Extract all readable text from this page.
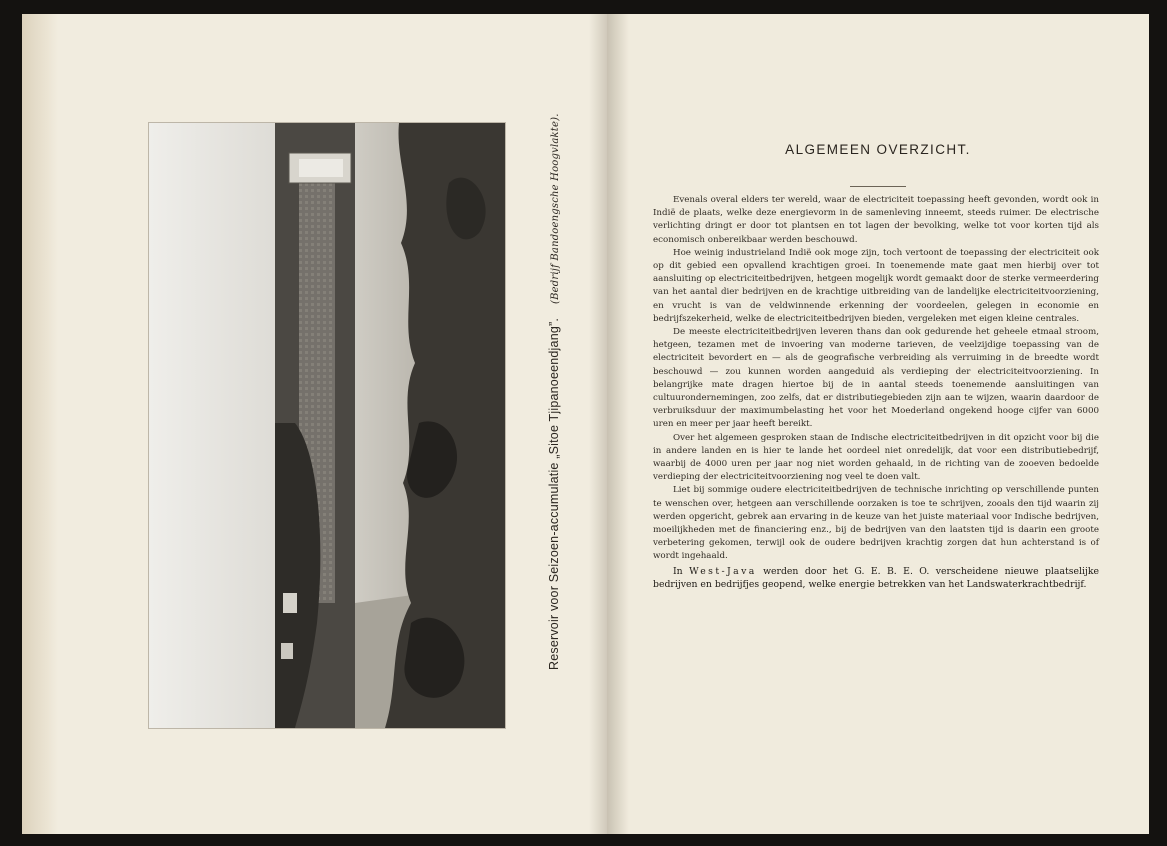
Reservoir voor Seizoen-accumulatie „Sitoe Tjipanoeendjang”.(Bedrijf Bandoengsche Hoogvlakte).	ALGEMEEN OVERZICHT.

Evenals overal elders ter wereld, waar de electriciteit toepassing heeft gevonden, wordt ook in Indië de plaats, welke deze energievorm in de samenleving inneemt, steeds ruimer. De electrische verlichting dringt er door tot plantsen en tot lagen der bevolking, welke tot voor korten tijd als economisch onbereikbaar werden beschouwd.

Hoe weinig industrieland Indië ook moge zijn, toch vertoont de toepassing der electriciteit ook op dit gebied een opvallend krachtigen groei. In toenemende mate gaat men hierbij over tot aansluiting op electriciteitbedrijven, hetgeen mogelijk wordt gemaakt door de sterke vermeerdering van het aantal dier bedrijven en de krachtige uitbreiding van de landelijke electriciteitvoorziening, en vrucht is van de veldwinnende erkenning der voordeelen, gelegen in economie en bedrijfszekerheid, welke de electriciteitbedrijven bieden, vergeleken met eigen kleine centrales.

De meeste electriciteitbedrijven leveren thans dan ook gedurende het geheele etmaal stroom, hetgeen, tezamen met de invoering van moderne tarieven, de veelzijdige toepassing van de electriciteit bevordert en — als de geografische verbreiding als verruiming in de breedte wordt beschouwd — zou kunnen worden aangeduid als verdieping der electriciteitvoorziening. In belangrijke mate dragen hiertoe bij de in aantal steeds toenemende aansluitingen van cultuurondernemingen, zoo zelfs, dat er distributiegebieden zijn aan te wijzen, waarin daardoor de verbruiksduur der maximumbelasting het voor het Moederland ongekend hooge cijfer van 6000 uren en meer per jaar heeft bereikt.

Over het algemeen gesproken staan de Indische electriciteitbedrijven in dit opzicht voor bij die in andere landen en is hier te lande het oordeel niet onredelijk, dat voor een distributiebedrijf, waarbij de 4000 uren per jaar nog niet worden gehaald, in de richting van de zooeven bedoelde verdieping der electriciteitvoorziening nog veel te doen valt.

Liet bij sommige oudere electriciteitbedrijven de technische inrichting op verschillende punten te wenschen over, hetgeen aan verschillende oorzaken is toe te schrijven, zooals den tijd waarin zij werden opgericht, gebrek aan ervaring in de keuze van het juiste materiaal voor Indische bedrijven, moeilijkheden met de financiering enz., bij de bedrijven van den laatsten tijd is daarin een groote verbetering gekomen, terwijl ook de oudere bedrijven krachtig zorgen dat hun achterstand is of wordt ingehaald.

In West-Java werden door het G. E. B. E. O. verscheidene nieuwe plaatselijke bedrijven en bedrijfjes geopend, welke energie betrekken van het Landswaterkrachtbedrijf.
